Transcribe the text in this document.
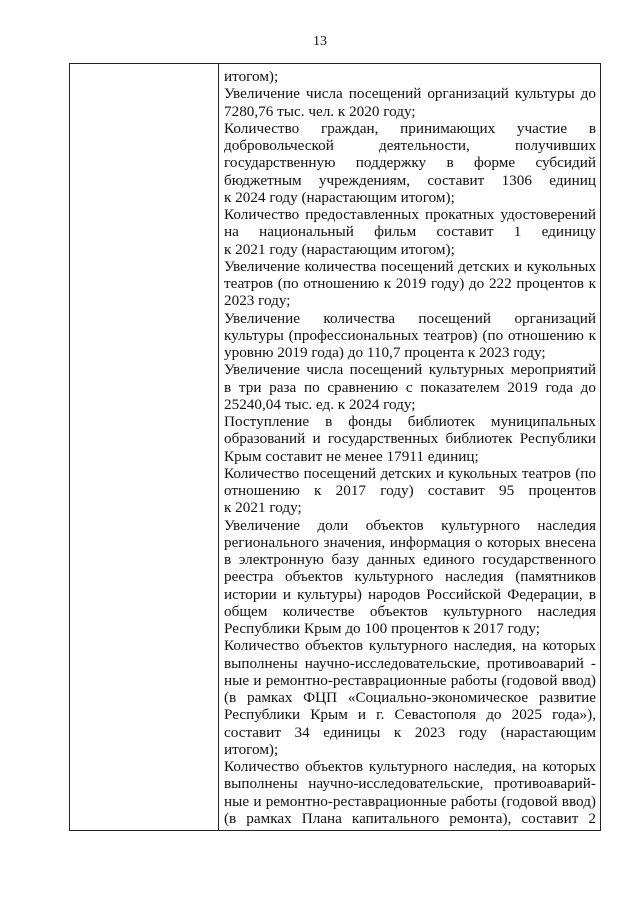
13
итогом);
Увеличение числа посещений организаций культуры до
7280,76 тыс. чел. к 2020 году;
Количество граждан, принимающих участие в
добровольческой деятельности, получивших
государственную поддержку в форме субсидий
бюджетным учреждениям, составит 1306 единиц
к 2024 году (нарастающим итогом);
Количество предоставленных прокатных удостоверений
на национальный фильм составит 1 единицу
к 2021 году (нарастающим итогом);
Увеличение количества посещений детских и кукольных
театров (по отношению к 2019 году) до 222 процентов к
2023 году;
Увеличение количества посещений организаций
культуры (профессиональных театров) (по отношению к
уровню 2019 года) до 110,7 процента к 2023 году;
Увеличение числа посещений культурных мероприятий
в три раза по сравнению с показателем 2019 года до
25240,04 тыс. ед. к 2024 году;
Поступление в фонды библиотек муниципальных
образований и государственных библиотек Республики
Крым составит не менее 17911 единиц;
Количество посещений детских и кукольных театров (по
отношению к 2017 году) составит 95 процентов
к 2021 году;
Увеличение доли объектов культурного наследия
регионального значения, информация о которых внесена
в электронную базу данных единого государственного
реестра объектов культурного наследия (памятников
истории и культуры) народов Российской Федерации, в
общем количестве объектов культурного наследия
Республики Крым до 100 процентов к 2017 году;
Количество объектов культурного наследия, на которых
выполнены научно-исследовательские, противоаварий -
ные и ремонтно-реставрационные работы (годовой ввод)
(в рамках ФЦП «Социально-экономическое развитие
Республики Крым и г. Севастополя до 2025 года»),
составит 34 единицы к 2023 году (нарастающим
итогом);
Количество объектов культурного наследия, на которых
выполнены научно-исследовательские, противоаварий-
ные и ремонтно-реставрационные работы (годовой ввод)
(в рамках Плана капитального ремонта), составит 2
